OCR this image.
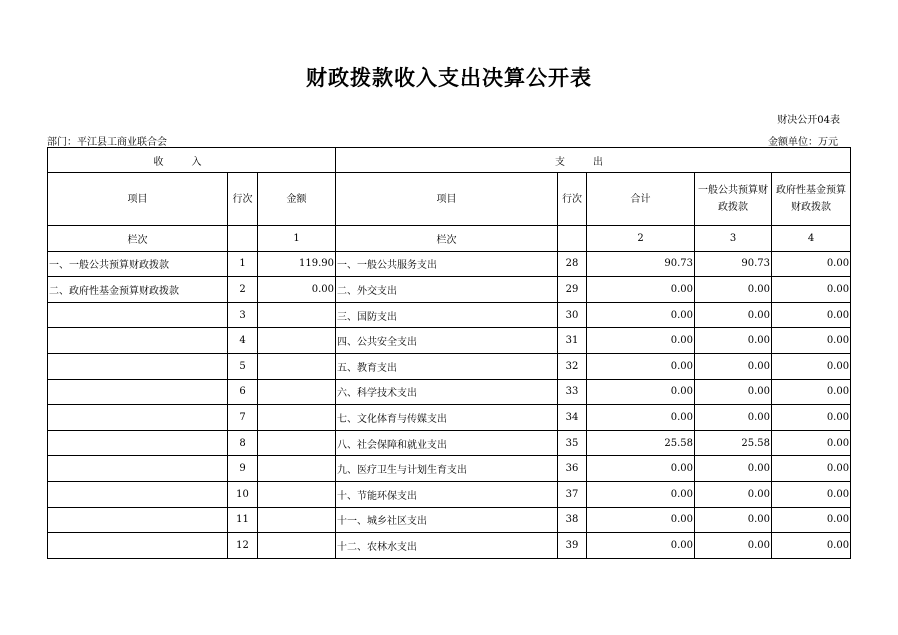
财政拨款收入支出决算公开表
财决公开04表
部门：平江县工商业联合会	金额单位：万元
收入			支出				
项目	行次	金额	项目	行次	合计	一般公共预算财政拨款	政府性基金预算财政拨款
栏次		1	栏次		2	3	4
一、一般公共预算财政拨款	1	119.90	一、一般公共服务支出	28	90.73	90.73	0.00
二、政府性基金预算财政拨款	2	0.00	二、外交支出	29	0.00	0.00	0.00
	3		三、国防支出	30	0.00	0.00	0.00
	4		四、公共安全支出	31	0.00	0.00	0.00
	5		五、教育支出	32	0.00	0.00	0.00
	6		六、科学技术支出	33	0.00	0.00	0.00
	7		七、文化体育与传媒支出	34	0.00	0.00	0.00
	8		八、社会保障和就业支出	35	25.58	25.58	0.00
	9		九、医疗卫生与计划生育支出	36	0.00	0.00	0.00
	10		十、节能环保支出	37	0.00	0.00	0.00
	11		十一、城乡社区支出	38	0.00	0.00	0.00
	12		十二、农林水支出	39	0.00	0.00	0.00
